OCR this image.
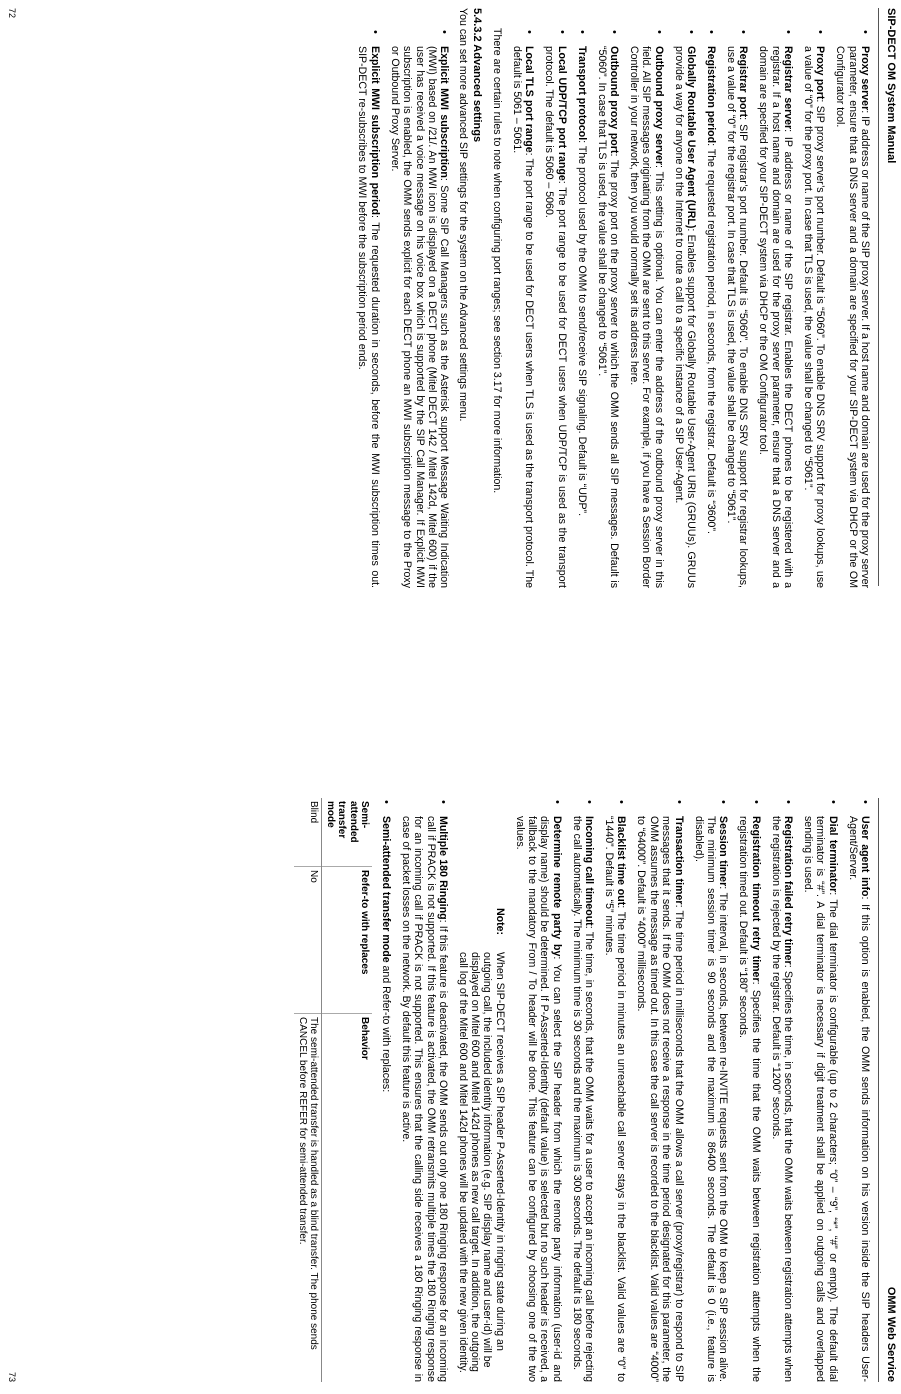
SIP-DECT OM System Manual
• Proxy server: IP address or name of the SIP proxy server. If a host name and domain are used for the proxy server parameter, ensure that a DNS server and a domain are specified for your SIP-DECT system via DHCP or the OM Configurator tool.
• Proxy port: SIP proxy server’s port number. Default is “5060”. To enable DNS SRV support for proxy lookups, use a value of “0” for the proxy port. In case that TLS is used, the value shall be changed to “5061”.
• Registrar server: IP address or name of the SIP registrar. Enables the DECT phones to be registered with a registrar. If a host name and domain are used for the proxy server parameter, ensure that a DNS server and a domain are specified for your SIP-DECT system via DHCP or the OM Configurator tool.
• Registrar port: SIP registrar’s port number. Default is “5060”. To enable DNS SRV support for registrar lookups, use a value of “0” for the registrar port. In case that TLS is used, the value shall be changed to “5061”.
• Registration period: The requested registration period, in seconds, from the registrar. Default is “3600”.
• Globally Routable User Agent (URL): Enables support for Globally Routable User-Agent URIs (GRUUs). GRUUs provide a way for anyone on the Internet to route a call to a specific instance of a SIP User-Agent.
• Outbound proxy server: This setting is optional. You can enter the address of the outbound proxy server in this field. All SIP messages originating from the OMM are sent to this server. For example, if you have a Session Border Controller in your network, then you would normally set its address here.
• Outbound proxy port: The proxy port on the proxy server to which the OMM sends all SIP messages. Default is “5060”. In case that TLS is used, the value shall be changed to “5061”.
• Transport protocol: The protocol used by the OMM to send/receive SIP signaling. Default is “UDP”.
• Local UDP/TCP port range: The port range to be used for DECT users when UDP/TCP is used as the transport protocol. The default is 5060 – 5060.
• Local TLS port range: The port range to be used for DECT users when TLS is used as the transport protocol. The default is 5061 – 5061.

There are certain rules to note when configuring port ranges; see section 3.17 for more information.

5.4.3.2 Advanced settings

You can set more advanced SIP settings for the system on the Advanced settings menu.

• Explicit MWI subscription: Some SIP Call Managers such as the Asterisk support Message Waiting Indication (MWI) based on /21/. An MWI icon is displayed on a DECT phone (Mitel DECT 142 / Mitel 142d, Mitel 600) if the user has received a voice message on his voice box which is supported by the SIP Call Manager. If Explicit MWI subscription is enabled, the OMM sends explicit for each DECT phone an MWI subscription message to the Proxy or Outbound Proxy Server.
• Explicit MWI subscription period: The requested duration in seconds, before the MWI subscription times out. SIP-DECT re-subscribes to MWI before the subscription period ends.
72
OMM Web Service
• User agent info: If this option is enabled, the OMM sends information on his version inside the SIP headers User-Agent/Server.
• Dial terminator: The dial terminator is configurable (up to 2 characters; “0” – “9”, “*”, “#” or empty). The default dial terminator is “#”. A dial terminator is necessary if digit treatment shall be applied on outgoing calls and overlapped sending is used.
• Registration failed retry timer: Specifies the time, in seconds, that the OMM waits between registration attempts when the registration is rejected by the registrar. Default is “1200” seconds.
• Registration timeout retry timer: Specifies the time that the OMM waits between registration attempts when the registration timed out. Default is “180” seconds.
• Session timer: The interval, in seconds, between re-INVITE requests sent from the OMM to keep a SIP session alive. The minimum session timer is 90 seconds and the maximum is 86400 seconds. The default is 0 (i.e., feature is disabled).
• Transaction timer: The time period in milliseconds that the OMM allows a call server (proxy/registrar) to respond to SIP messages that it sends. If the OMM does not receive a response in the time period designated for this parameter, the OMM assumes the message as timed out. In this case the call server is recorded to the blacklist. Valid values are “4000” to “64000”. Default is “4000” milliseconds.
• Blacklist time out: The time period in minutes an unreachable call server stays in the blacklist. Valid values are “0” to “1440”. Default is “5” minutes.
• Incoming call timeout: The time, in seconds, that the OMM waits for a user to accept an incoming call before rejecting the call automatically. The minimum time is 30 seconds and the maximum is 300 seconds. The default is 180 seconds.
• Determine remote party by: You can select the SIP header from which the remote party information (user-id and display name) should be determined. If P-Asserted-Identity (default value) is selected but no such header is received, a fallback to the mandatory From / To header will be done. This feature can be configured by choosing one of the two values.
Note:
When SIP-DECT receives a SIP header P-Asserted-Identity in ringing state during an outgoing call, the included identity information (e.g. SIP display name and user-id) will be displayed on Mitel 600 and Mitel 142d phones as new call target. In addition, the outgoing call log of the Mitel 600 and Mitel 142d phones will be updated with the new given identity.
• Multiple 180 Ringing: If this feature is deactivated, the OMM sends out only one 180 Ringing response for an incoming call if PRACK is not supported. If this feature is activated, the OMM retransmits multiple times the 180 Ringing response for an incoming call if PRACK is not supported. This ensures that the calling side receives a 180 Ringing response in case of packet losses on the network. By default this feature is active.
• Semi-attended transfer mode and Refer-to with replaces:
Semi-attended transfer mode	Refer-to with replaces	Behavior
Blind	No	The semi-attended transfer is handled as a blind transfer. The phone sends CANCEL before REFER for semi-attended transfer.
73
